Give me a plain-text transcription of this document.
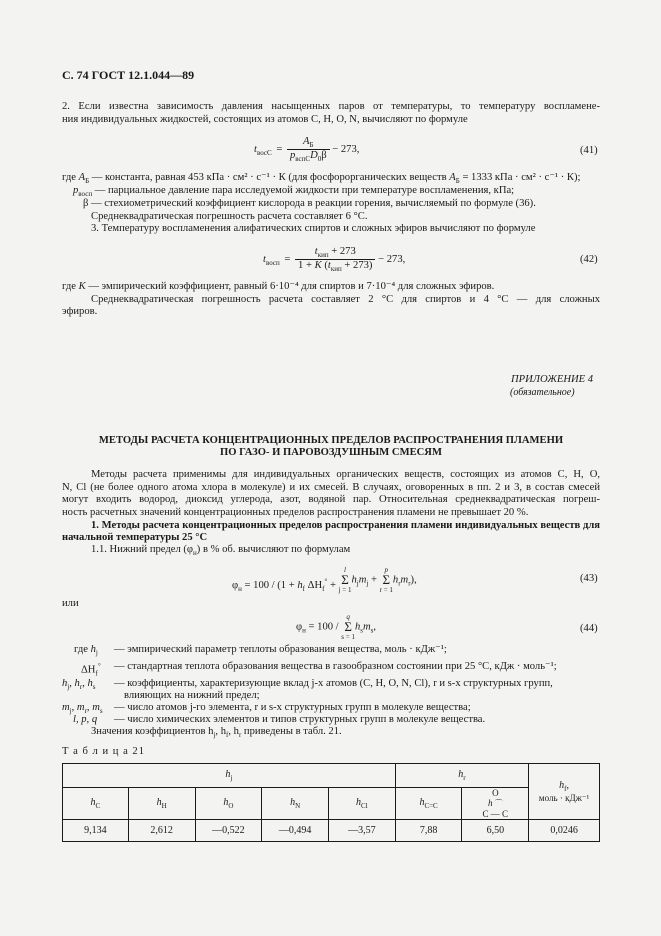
С. 74 ГОСТ 12.1.044—89
2. Если известна зависимость давления насыщенных паров от температуры, то температуру воспламене-
ния индивидуальных жидкостей, состоящих из атомов С, Н, О, N, вычисляют по формуле
$t_{восС} = \frac{A_Б}{p_{вспС}D_0\beta} - 273$,	(41)
где $A_Б$ — константа, равная 453 кПа · см² · с⁻¹ · К (для фосфорорганических веществ $A_Б = 1333$ кПа · см² · с⁻¹ · К);
$p_{восп}$ — парциальное давление пара исследуемой жидкости при температуре воспламенения, кПа;
β — стехиометрический коэффициент кислорода в реакции горения, вычисляемый по формуле (36).
Среднеквадратическая погрешность расчета составляет 6 °С.
3. Температуру воспламенения алифатических спиртов и сложных эфиров вычисляют по формуле
$t_{восп} = \frac{t_{кип} + 273}{1 + K (t_{кип} + 273)} - 273$,	(42)
где K — эмпирический коэффициент, равный 6·10⁻⁴ для спиртов и 7·10⁻⁴ для сложных эфиров.
Среднеквадратическая погрешность расчета составляет 2 °С для спиртов и 4 °С — для сложных
эфиров.
ПРИЛОЖЕНИЕ 4
(обязательное)
МЕТОДЫ РАСЧЕТА КОНЦЕНТРАЦИОННЫХ ПРЕДЕЛОВ РАСПРОСТРАНЕНИЯ ПЛАМЕНИ
ПО ГАЗО- И ПАРОВОЗДУШНЫМ СМЕСЯМ
Методы расчета применимы для индивидуальных органических веществ, состоящих из атомов С, Н, О,
N, Cl (не более одного атома хлора в молекуле) и их смесей. В случаях, оговоренных в пп. 2 и 3, в состав смесей
могут входить водород, диоксид углерода, азот, водяной пар. Относительная среднеквадратическая погреш-
ность расчетных значений концентрационных пределов распространения пламени не превышает 20 %.
1. Методы расчета концентрационных пределов распространения пламени индивидуальных веществ для
начальной температуры 25 °С
1.1. Нижний предел $(\varphi_н)$ в % об. вычисляют по формулам
$\varphi_н = 100 / (1 + h_f$ $\Delta H_f^\circ$ +
l
Σ
j = 1
$h_jm_j$ +
p
Σ
r = 1
$h_rm_r$),	(43)
или
$\varphi_н = 100$ /
q
Σ
s = 1
$h_sm_s$,	(44)
где $h_j$ — эмпирический параметр теплоты образования вещества, моль · кДж⁻¹;
$\Delta H_f^\circ$ — стандартная теплота образования вещества в газообразном состоянии при 25 °С, кДж · моль⁻¹;
$h_j$, $h_r$, $h_s$ — коэффициенты, характеризующие вклад j-х атомов (С, Н, О, N, Cl), r и s-х структурных групп,
влияющих на нижний предел;
$m_j$, $m_r$, $m_s$ — число атомов j-го элемента, r и s-х структурных групп в молекуле вещества;
l, p, q — число химических элементов и типов структурных групп в молекуле вещества.
Значения коэффициентов $h_j$, $h_f$, $h_r$ приведены в табл. 21.
Т а б л и ц а 21
$h_j$					$h_r$		$h_f$,
моль · кДж⁻¹
$h_C$	$h_H$	$h_O$	$h_N$	$h_{Cl}$	$h_{C=C}$	O
h ⌒
C — C	

9,134	2,612	—0,522	—0,494	—3,57	7,88	6,50	0,0246
